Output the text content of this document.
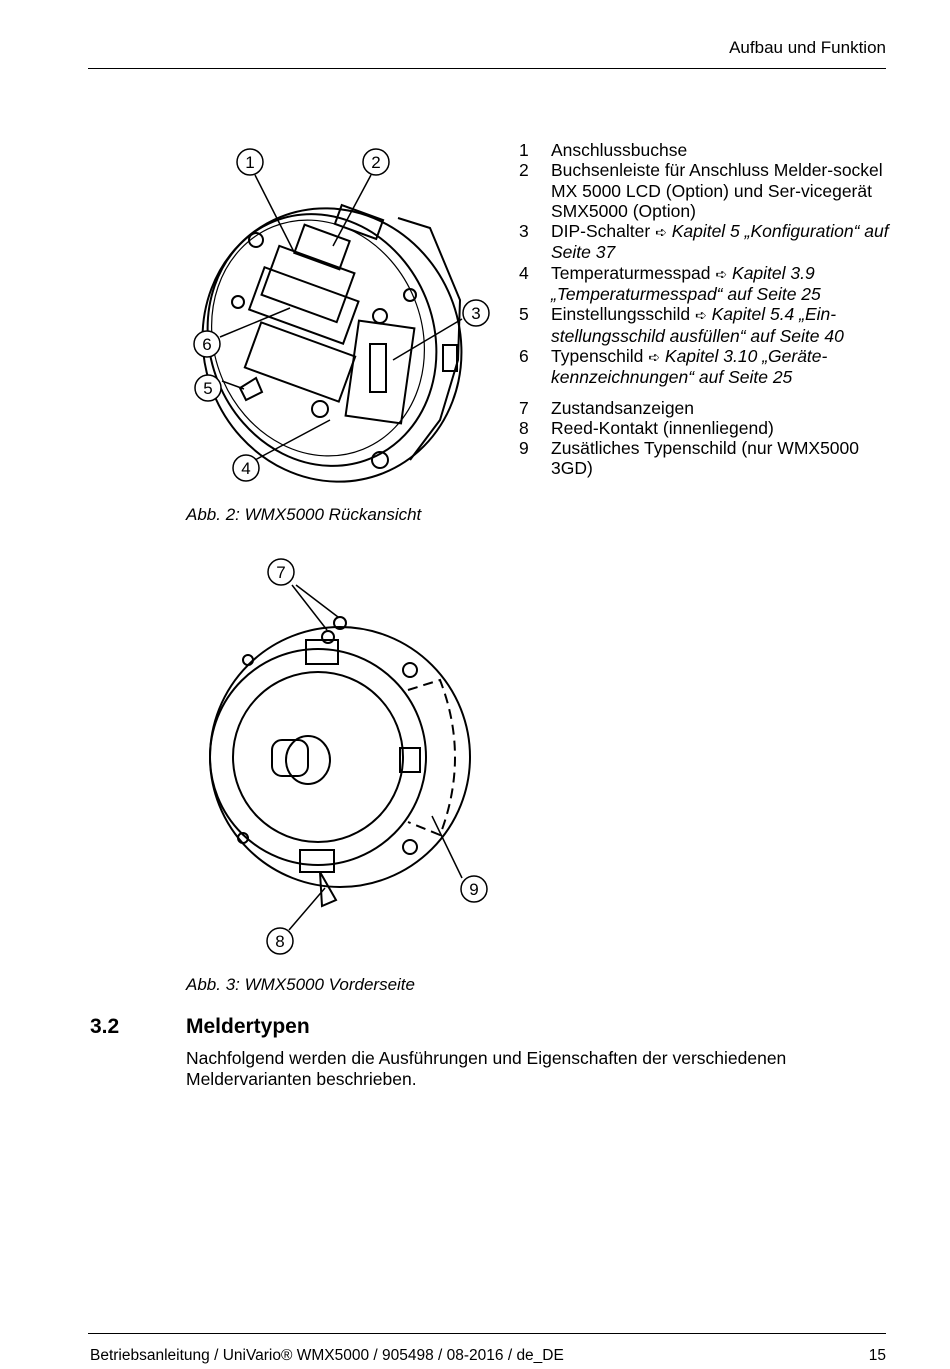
Aufbau und Funktion
1	2
3
4
5
6
Abb. 2: WMX5000 Rückansicht
1	Anschlussbuchse
2	Buchsenleiste für Anschluss Melder-sockel MX 5000 LCD (Option) und Ser-vicegerät SMX5000 (Option)
3	DIP-Schalter ➪ Kapitel 5 „Konfiguration“ auf Seite 37
4	Temperaturmesspad ➪ Kapitel 3.9 „Temperaturmesspad“ auf Seite 25
5	Einstellungsschild ➪ Kapitel 5.4 „Ein-stellungsschild ausfüllen“ auf Seite 40
6	Typenschild ➪ Kapitel 3.10 „Geräte-kennzeichnungen“ auf Seite 25
7	Zustandsanzeigen
8	Reed-Kontakt (innenliegend)
9	Zusätliches Typenschild (nur WMX5000 3GD)
7
8
9
Abb. 3: WMX5000 Vorderseite
3.2	Meldertypen
Nachfolgend werden die Ausführungen und Eigenschaften der verschiedenen Meldervarianten beschrieben.
Betriebsanleitung / UniVario® WMX5000 / 905498 / 08-2016 / de_DE	15
